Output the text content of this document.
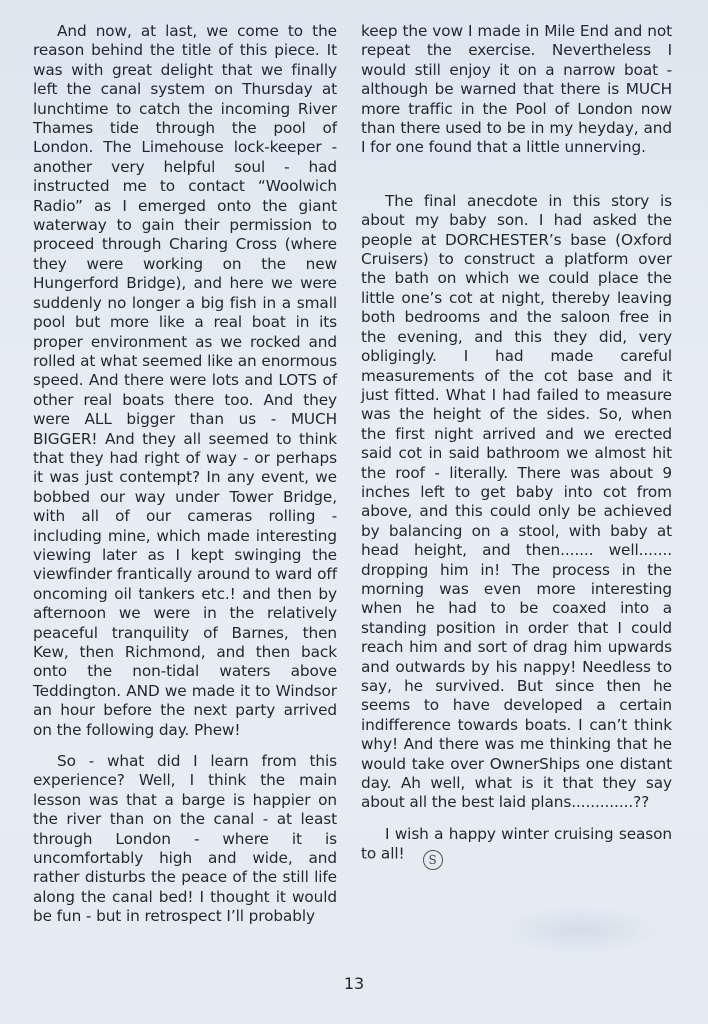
And now, at last, we come to the reason behind the title of this piece. It was with great delight that we finally left the canal system on Thursday at lunchtime to catch the incoming River Thames tide through the pool of London. The Limehouse lock-keeper - another very helpful soul - had instructed me to contact “Woolwich Radio” as I emerged onto the giant waterway to gain their permission to proceed through Charing Cross (where they were working on the new Hungerford Bridge), and here we were suddenly no longer a big fish in a small pool but more like a real boat in its proper environment as we rocked and rolled at what seemed like an enormous speed. And there were lots and LOTS of other real boats there too. And they were ALL bigger than us - MUCH BIGGER! And they all seemed to think that they had right of way - or perhaps it was just contempt? In any event, we bobbed our way under Tower Bridge, with all of our cameras rolling - including mine, which made interesting viewing later as I kept swinging the viewfinder frantically around to ward off oncoming oil tankers etc.! and then by afternoon we were in the relatively peaceful tranquility of Barnes, then Kew, then Richmond, and then back onto the non-tidal waters above Teddington. AND we made it to Windsor an hour before the next party arrived on the following day. Phew!

So - what did I learn from this experience? Well, I think the main lesson was that a barge is happier on the river than on the canal - at least through London - where it is uncomfortably high and wide, and rather disturbs the peace of the still life along the canal bed! I thought it would be fun - but in retrospect I’ll probably

keep the vow I made in Mile End and not repeat the exercise. Nevertheless I would still enjoy it on a narrow boat - although be warned that there is MUCH more traffic in the Pool of London now than there used to be in my heyday, and I for one found that a little unnerving.

The final anecdote in this story is about my baby son. I had asked the people at DORCHESTER’s base (Oxford Cruisers) to construct a platform over the bath on which we could place the little one’s cot at night, thereby leaving both bedrooms and the saloon free in the evening, and this they did, very obligingly. I had made careful measurements of the cot base and it just fitted. What I had failed to measure was the height of the sides. So, when the first night arrived and we erected said cot in said bathroom we almost hit the roof - literally. There was about 9 inches left to get baby into cot from above, and this could only be achieved by balancing on a stool, with baby at head height, and then....... well....... dropping him in! The process in the morning was even more interesting when he had to be coaxed into a standing position in order that I could reach him and sort of drag him upwards and outwards by his nappy! Needless to say, he survived. But since then he seems to have developed a certain indifference towards boats. I can’t think why! And there was me thinking that he would take over OwnerShips one distant day. Ah well, what is it that they say about all the best laid plans.............??

I wish a happy winter cruising season to all! S

13
